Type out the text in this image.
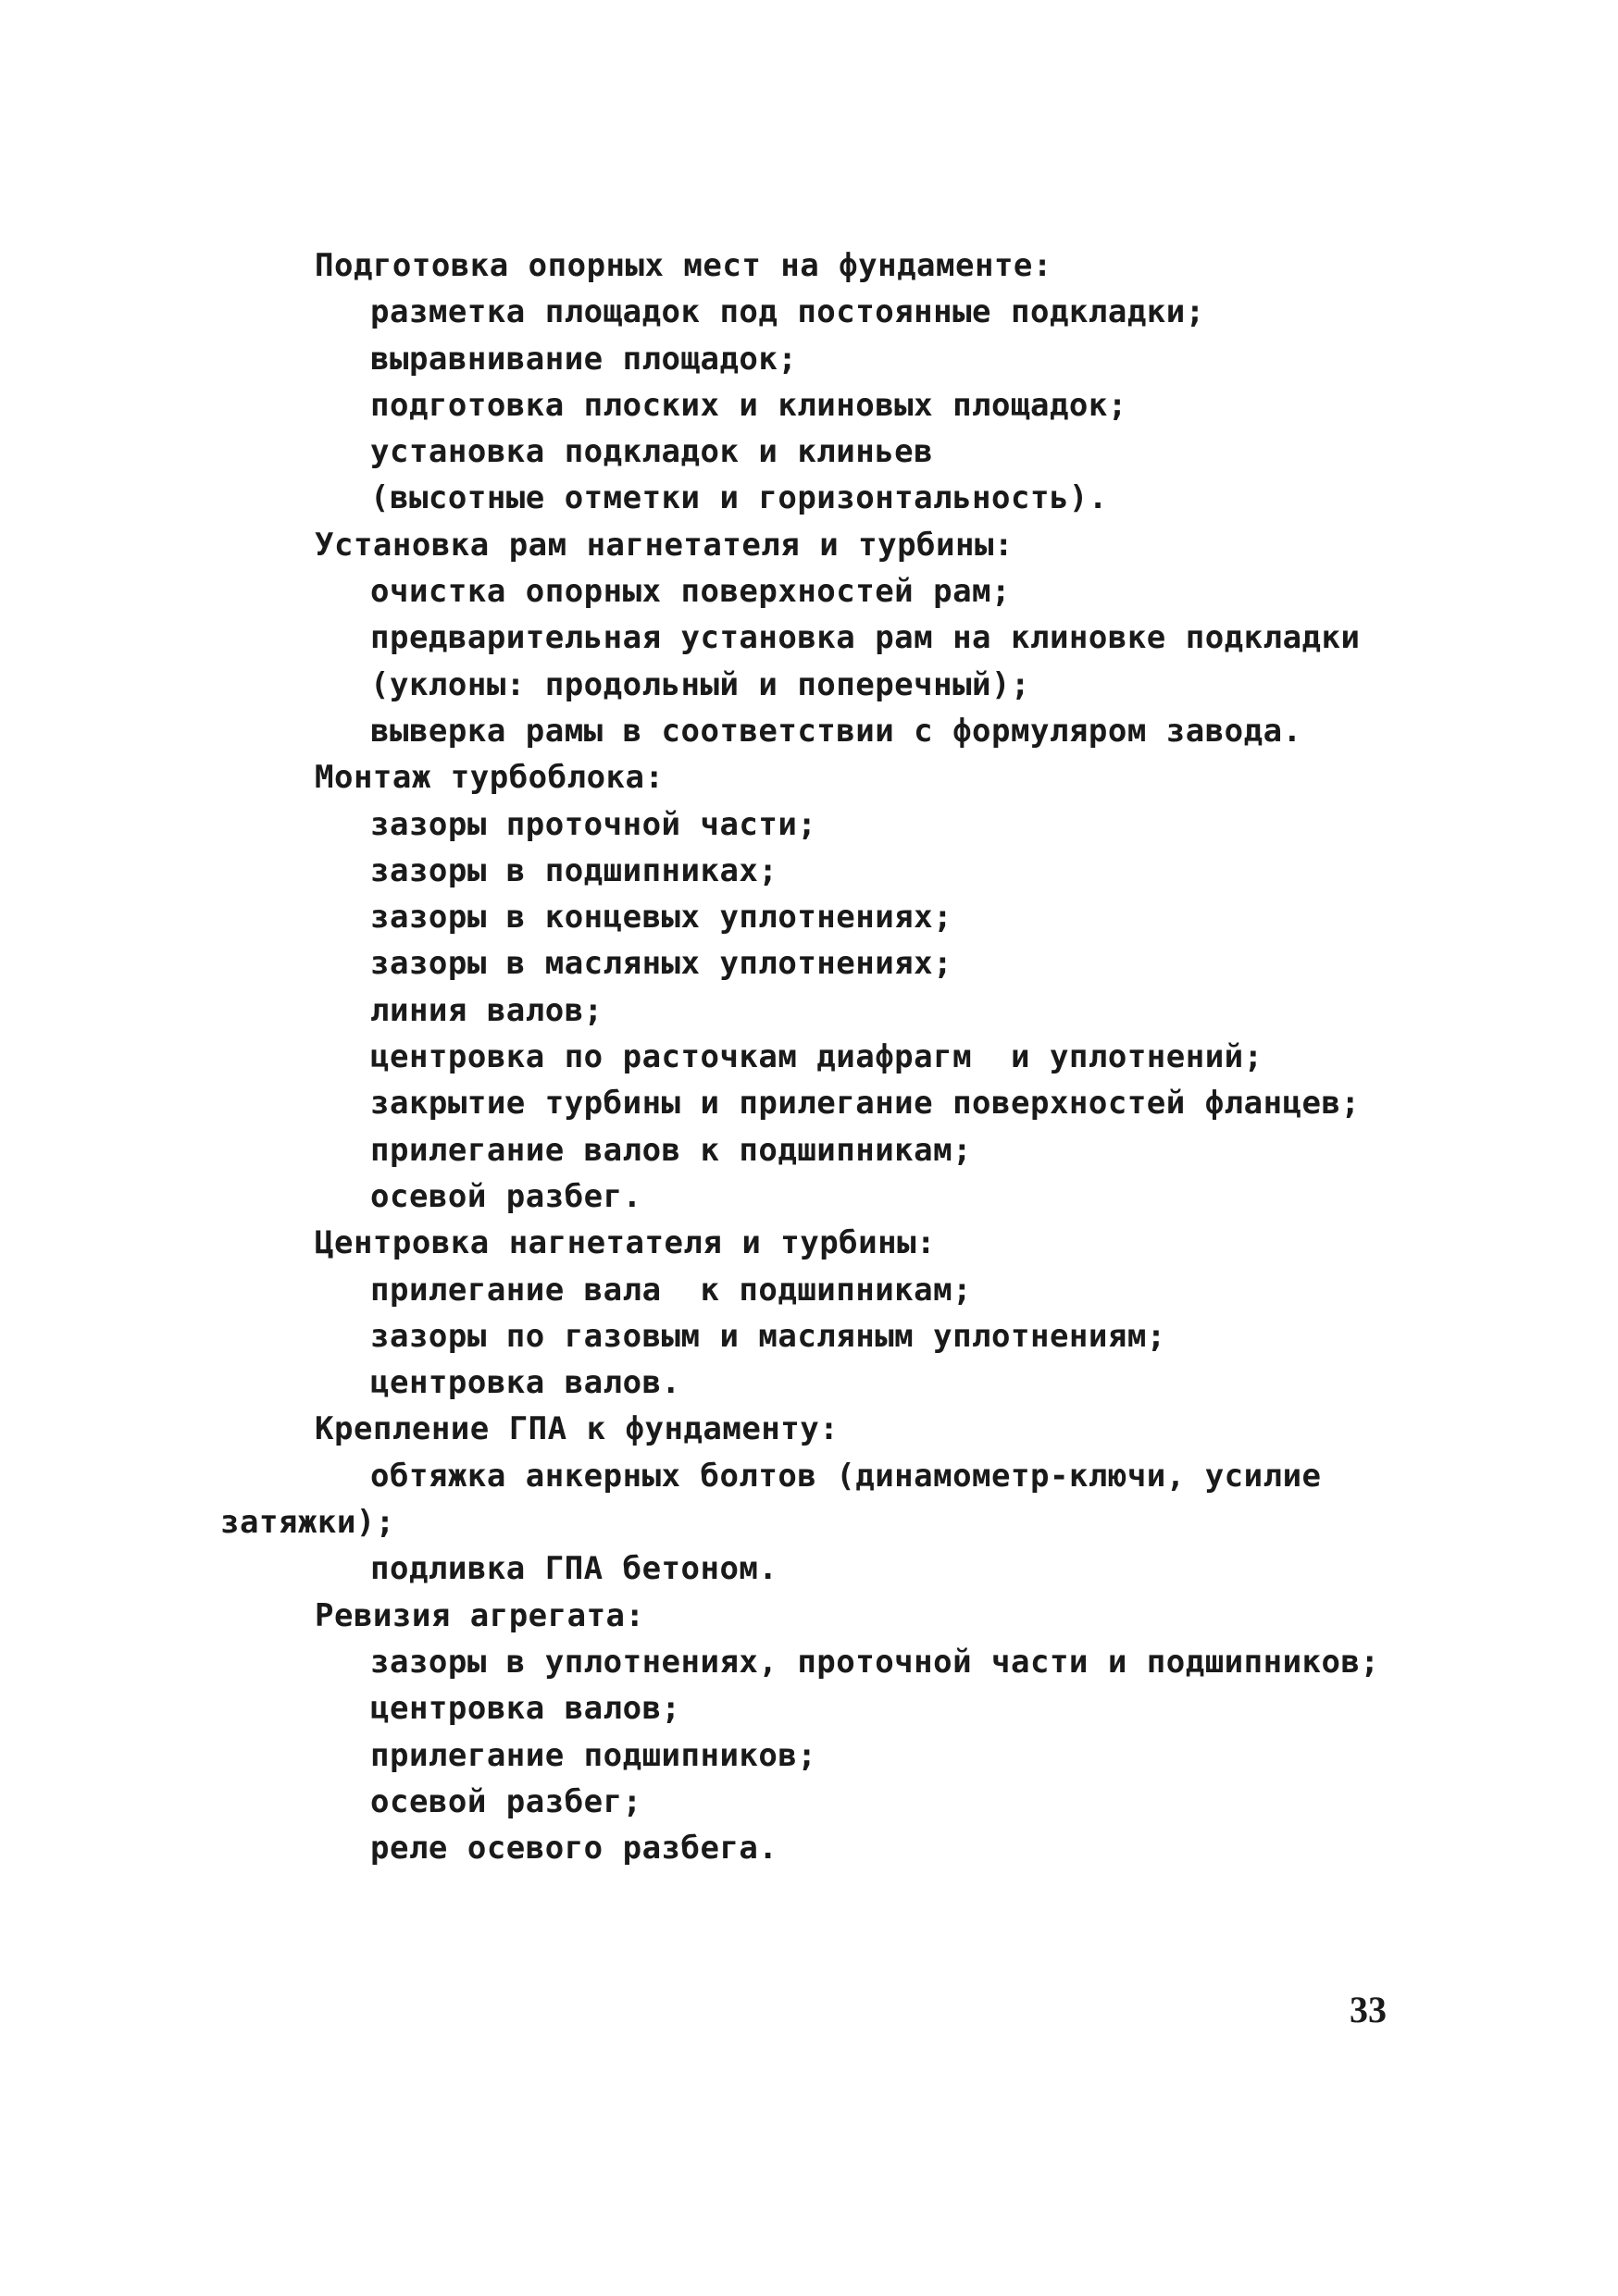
Подготовка опорных мест на фундаменте:
разметка площадок под постоянные подкладки;
выравнивание площадок;
подготовка плоских и клиновых площадок;
установка подкладок и клиньев
(высотные отметки и горизонтальность).
Установка рам нагнетателя и турбины:
очистка опорных поверхностей рам;
предварительная установка рам на клиновке подкладки
(уклоны: продольный и поперечный);
выверка рамы в соответствии с формуляром завода.
Монтаж турбоблока:
зазоры проточной части;
зазоры в подшипниках;
зазоры в концевых уплотнениях;
зазоры в масляных уплотнениях;
линия валов;
центровка по расточкам диафрагм  и уплотнений;
закрытие турбины и прилегание поверхностей фланцев;
прилегание валов к подшипникам;
осевой разбег.
Центровка нагнетателя и турбины:
прилегание вала  к подшипникам;
зазоры по газовым и масляным уплотнениям;
центровка валов.
Крепление ГПА к фундаменту:
обтяжка анкерных болтов (динамометр-ключи, усилие
затяжки);
подливка ГПА бетоном.
Ревизия агрегата:
зазоры в уплотнениях, проточной части и подшипников;
центровка валов;
прилегание подшипников;
осевой разбег;
реле осевого разбега.
33
